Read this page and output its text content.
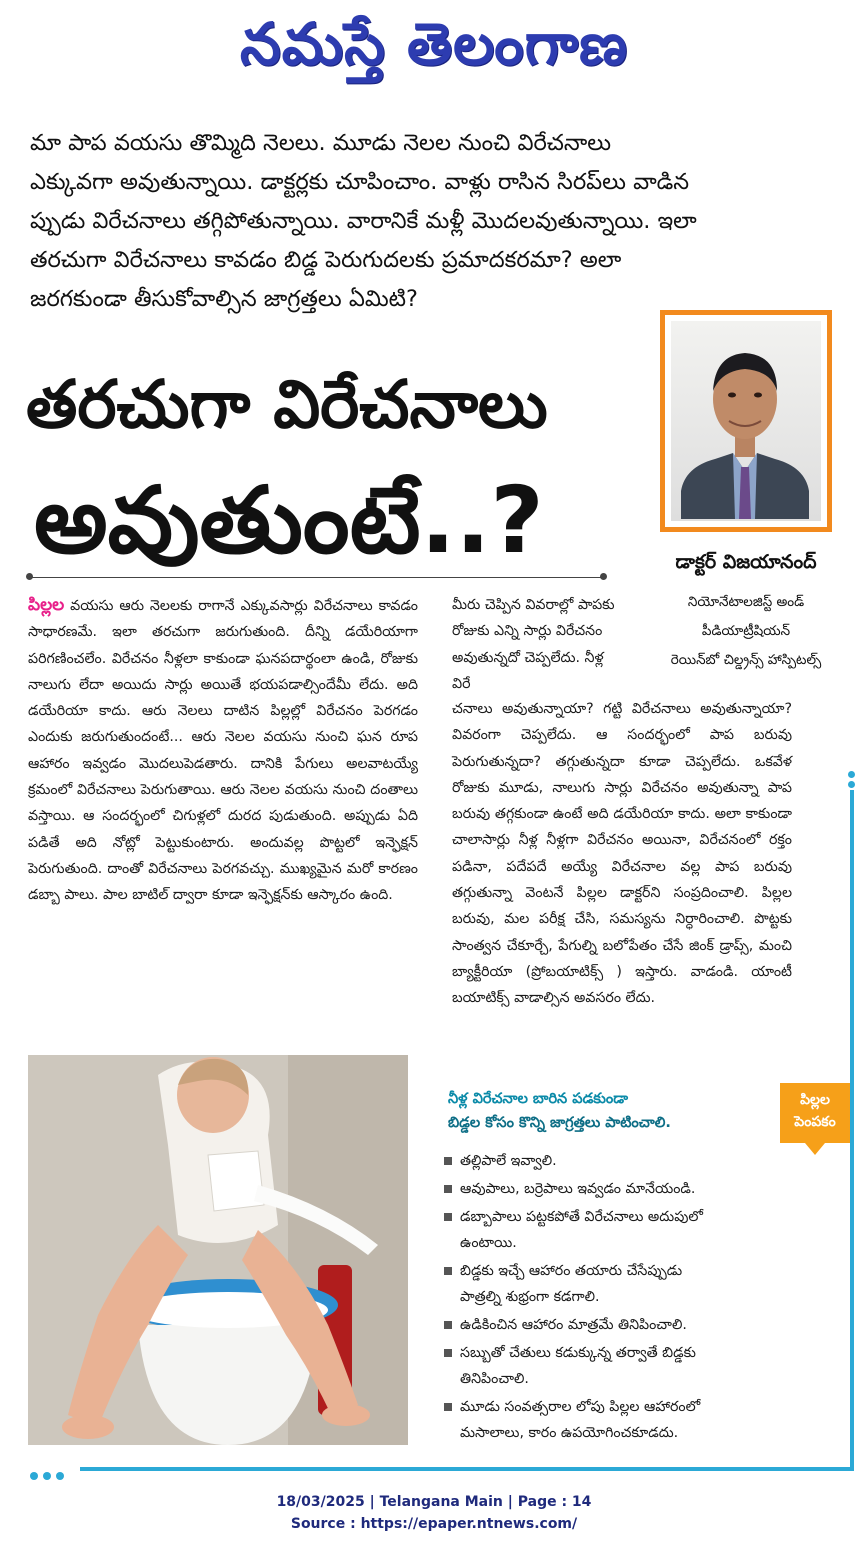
నమస్తే తెలంగాణ
మా పాప వయసు తొమ్మిది నెలలు. మూడు నెలల నుంచి విరేచనాలు
ఎక్కువగా అవుతున్నాయి. డాక్టర్లకు చూపించాం. వాళ్లు రాసిన సిరప్‌లు వాడిన
ప్పుడు విరేచనాలు తగ్గిపోతున్నాయి. వారానికే మళ్లీ మొదలవుతున్నాయి. ఇలా
తరచుగా విరేచనాలు కావడం బిడ్డ పెరుగుదలకు ప్రమాదకరమా? అలా
జరగకుండా తీసుకోవాల్సిన జాగ్రత్తలు ఏమిటి?
తరచుగా విరేచనాలు
అవుతుంటే..?	డాక్టర్ విజయానంద్
నియోనేటాలజిస్ట్ అండ్
పీడియాట్రీషియన్
రెయిన్‌బో చిల్డ్రన్స్ హాస్పిటల్స్
పిల్లల వయసు ఆరు నెలలకు రాగానే ఎక్కువసార్లు విరేచనాలు కావడం సాధారణమే. ఇలా తరచుగా జరుగుతుంది. దీన్ని డయేరియాగా పరిగణించలేం. విరేచనం నీళ్లలా కాకుండా ఘనపదార్థంలా ఉండి, రోజుకు నాలుగు లేదా అయిదు సార్లు అయితే భయపడాల్సిందేమీ లేదు. అది డయేరియా కాదు. ఆరు నెలలు దాటిన పిల్లల్లో విరేచనం పెరగడం ఎందుకు జరుగుతుందంటే... ఆరు నెలల వయసు నుంచి ఘన రూప ఆహారం ఇవ్వడం మొదలుపెడతారు. దానికి పేగులు అలవాటయ్యే క్రమంలో విరేచనాలు పెరుగుతాయి. ఆరు నెలల వయసు నుంచి దంతాలు వస్తాయి. ఆ సందర్భంలో చిగుళ్లలో దురద పుడుతుంది. అప్పుడు ఏది పడితే అది నోట్లో పెట్టుకుంటారు. అందువల్ల పొట్టలో ఇన్ఫెక్షన్ పెరుగుతుంది. దాంతో విరేచనాలు పెరగవచ్చు. ముఖ్యమైన మరో కారణం డబ్బా పాలు. పాల బాటిల్ ద్వారా కూడా ఇన్ఫెక్షన్‌కు ఆస్కారం ఉంది.
మీరు చెప్పిన వివరాల్లో పాపకు రోజుకు ఎన్ని సార్లు విరేచనం అవుతున్నదో చెప్పలేదు. నీళ్ల విరే
చనాలు అవుతున్నాయా? గట్టి విరేచనాలు అవుతున్నాయా? వివరంగా చెప్పలేదు. ఆ సందర్భంలో పాప బరువు పెరుగుతున్నదా? తగ్గుతున్నదా కూడా చెప్పలేదు. ఒకవేళ రోజుకు మూడు, నాలుగు సార్లు విరేచనం అవుతున్నా పాప బరువు తగ్గకుండా ఉంటే అది డయేరియా కాదు. అలా కాకుండా చాలాసార్లు నీళ్ల నీళ్లగా విరేచనం అయినా, విరేచనంలో రక్తం పడినా, పదేపదే అయ్యే విరేచనాల వల్ల పాప బరువు తగ్గుతున్నా వెంటనే పిల్లల డాక్టర్‌ని సంప్రదించాలి. పిల్లల బరువు, మల పరీక్ష చేసి, సమస్యను నిర్ధారించాలి. పొట్టకు సాంత్వన చేకూర్చే, పేగుల్ని బలోపేతం చేసే జింక్ డ్రాప్స్, మంచి బ్యాక్టీరియా (ప్రోబయాటిక్స్ ) ఇస్తారు. వాడండి. యాంటీ బయాటిక్స్ వాడాల్సిన అవసరం లేదు.
నీళ్ల విరేచనాల బారిన పడకుండా
బిడ్డల కోసం కొన్ని జాగ్రత్తలు పాటించాలి.
తల్లిపాలే ఇవ్వాలి.
ఆవుపాలు, బర్రెపాలు ఇవ్వడం మానేయండి.
డబ్బాపాలు పట్టకపోతే విరేచనాలు అదుపులో
ఉంటాయి.
బిడ్డకు ఇచ్చే ఆహారం తయారు చేసేప్పుడు
పాత్రల్ని శుభ్రంగా కడగాలి.
ఉడికించిన ఆహారం మాత్రమే తినిపించాలి.
సబ్బుతో చేతులు కడుక్కున్న తర్వాతే బిడ్డకు
తినిపించాలి.
మూడు సంవత్సరాల లోపు పిల్లల ఆహారంలో
మసాలాలు, కారం ఉపయోగించకూడదు.
పిల్లల
పెంపకం
18/03/2025 | Telangana Main | Page : 14
Source : https://epaper.ntnews.com/
